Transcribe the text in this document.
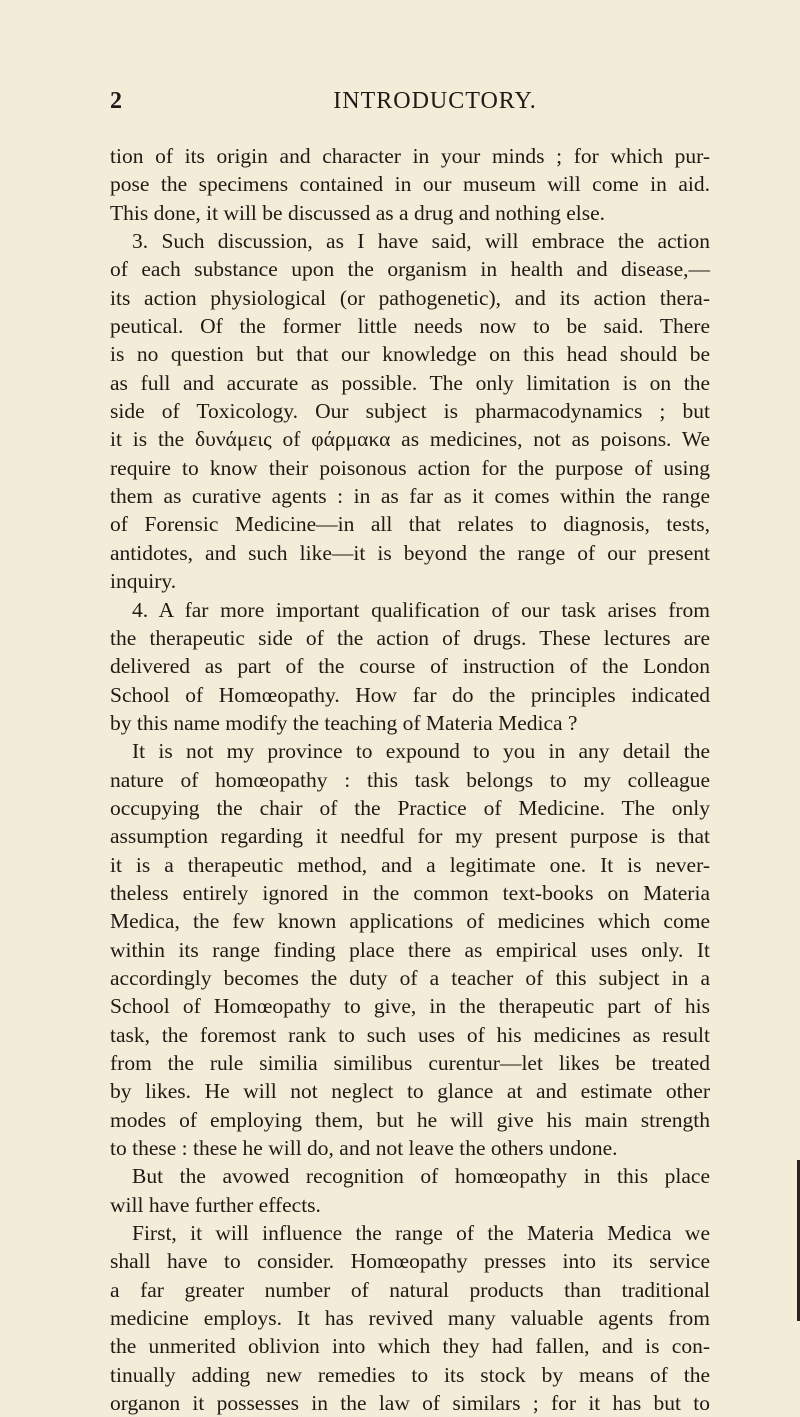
2	INTRODUCTORY.
tion of its origin and character in your minds ; for which pur-
pose the specimens contained in our museum will come in aid.
This done, it will be discussed as a drug and nothing else.
3. Such discussion, as I have said, will embrace the action
of each substance upon the organism in health and disease,—
its action physiological (or pathogenetic), and its action thera-
peutical. Of the former little needs now to be said. There
is no question but that our knowledge on this head should be
as full and accurate as possible. The only limitation is on the
side of Toxicology. Our subject is pharmacodynamics ; but
it is the δυνάμεις of φάρμακα as medicines, not as poisons. We
require to know their poisonous action for the purpose of using
them as curative agents : in as far as it comes within the range
of Forensic Medicine—in all that relates to diagnosis, tests,
antidotes, and such like—it is beyond the range of our present
inquiry.
4. A far more important qualification of our task arises from
the therapeutic side of the action of drugs. These lectures are
delivered as part of the course of instruction of the London
School of Homœopathy. How far do the principles indicated
by this name modify the teaching of Materia Medica ?
It is not my province to expound to you in any detail the
nature of homœopathy : this task belongs to my colleague
occupying the chair of the Practice of Medicine. The only
assumption regarding it needful for my present purpose is that
it is a therapeutic method, and a legitimate one. It is never-
theless entirely ignored in the common text-books on Materia
Medica, the few known applications of medicines which come
within its range finding place there as empirical uses only. It
accordingly becomes the duty of a teacher of this subject in a
School of Homœopathy to give, in the therapeutic part of his
task, the foremost rank to such uses of his medicines as result
from the rule similia similibus curentur—let likes be treated
by likes. He will not neglect to glance at and estimate other
modes of employing them, but he will give his main strength
to these : these he will do, and not leave the others undone.
But the avowed recognition of homœopathy in this place
will have further effects.
First, it will influence the range of the Materia Medica we
shall have to consider. Homœopathy presses into its service
a far greater number of natural products than traditional
medicine employs. It has revived many valuable agents from
the unmerited oblivion into which they had fallen, and is con-
tinually adding new remedies to its stock by means of the
organon it possesses in the law of similars ; for it has but to
